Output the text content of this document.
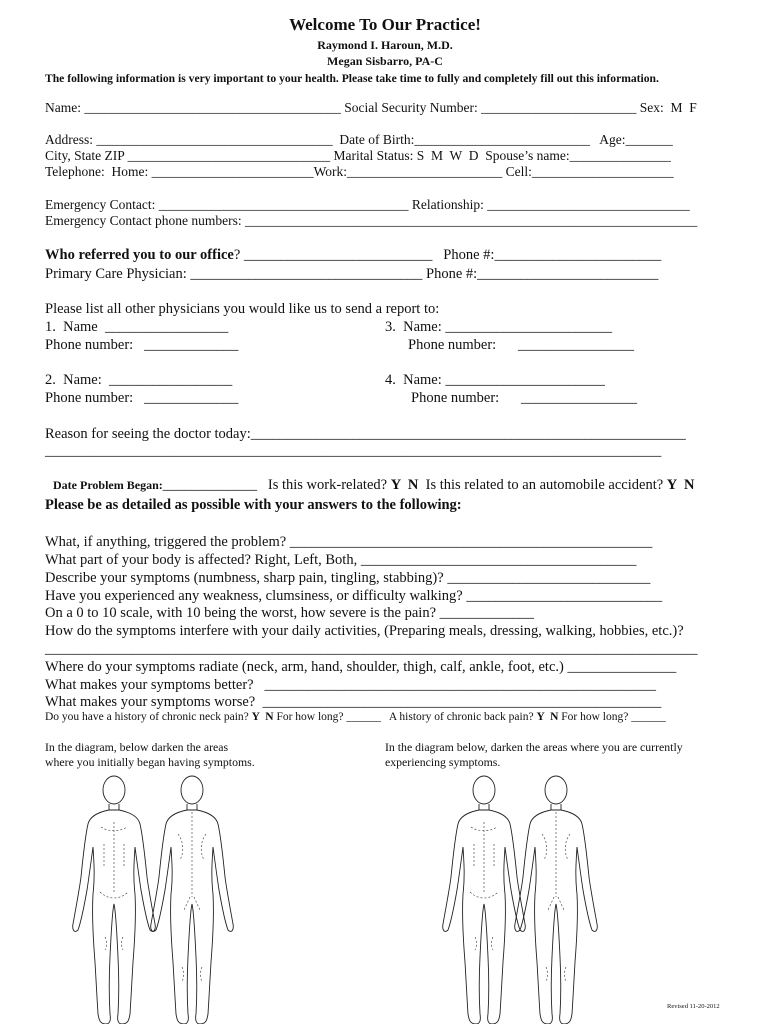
Welcome To Our Practice!
Raymond I. Haroun, M.D.
Megan Sisbarro, PA-C
The following information is very important to your health. Please take time to fully and completely fill out this information.
Name: ______________________________________ Social Security Number: _______________________ Sex:  M  F
Address: ___________________________________  Date of Birth:__________________________   Age:_______
City, State ZIP ______________________________ Marital Status: S  M  W  D  Spouse’s name:_______________
Telephone:  Home: ________________________Work:_______________________ Cell:_____________________
Emergency Contact: _____________________________________ Relationship: ______________________________
Emergency Contact phone numbers: ___________________________________________________________________
Who referred you to our office? __________________________   Phone #:_______________________
Primary Care Physician: ________________________________ Phone #:_________________________
Please list all other physicians you would like us to send a report to:
1.  Name  _________________
Phone number:   _____________
3.  Name: _______________________
Phone number:      ________________
2.  Name:  _________________
Phone number:   _____________
4.  Name: ______________________
Phone number:      ________________
Reason for seeing the doctor today:____________________________________________________________
_____________________________________________________________________________________

Date Problem Began:_____________ Is this work-related? Y  N  Is this related to an automobile accident? Y  N

Please be as detailed as possible with your answers to the following:
What, if anything, triggered the problem? __________________________________________________
What part of your body is affected? Right, Left, Both, ______________________________________
Describe your symptoms (numbness, sharp pain, tingling, stabbing)? ____________________________
Have you experienced any weakness, clumsiness, or difficulty walking? ___________________________
On a 0 to 10 scale, with 10 being the worst, how severe is the pain? _____________
How do the symptoms interfere with your daily activities, (Preparing meals, dressing, walking, hobbies, etc.)?
__________________________________________________________________________________________
Where do your symptoms radiate (neck, arm, hand, shoulder, thigh, calf, ankle, foot, etc.) _______________
What makes your symptoms better?   ______________________________________________________
What makes your symptoms worse?  _______________________________________________________
Do you have a history of chronic neck pain? Y  N For how long? ______   A history of chronic back pain? Y  N For how long? ______
In the diagram, below darken the areas
where you initially began having symptoms.
In the diagram below, darken the areas where you are currently
experiencing symptoms.
Revised 11-20-2012
